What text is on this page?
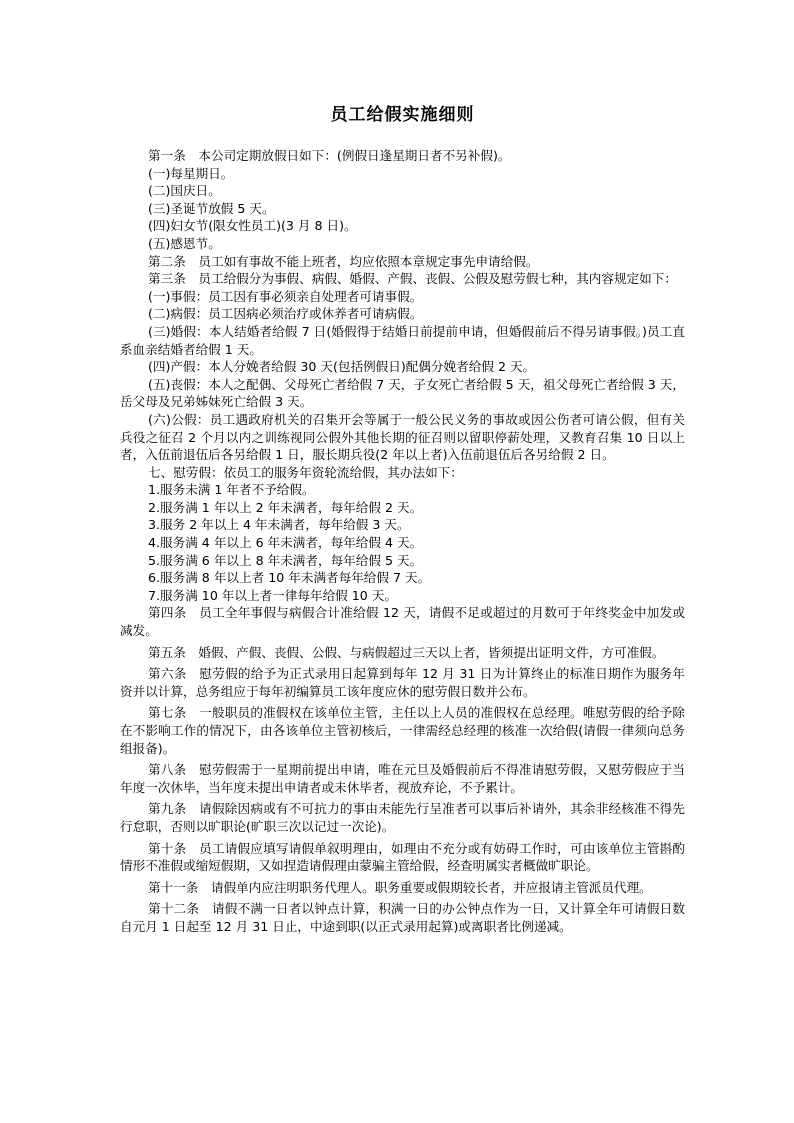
员工给假实施细则

第一条　本公司定期放假日如下：(例假日逢星期日者不另补假)。

(一)每星期日。

(二)国庆日。

(三)圣诞节放假 5 天。

(四)妇女节(限女性员工)(3 月 8 日)。

(五)感恩节。

第二条　员工如有事故不能上班者，均应依照本章规定事先申请给假。

第三条　员工给假分为事假、病假、婚假、产假、丧假、公假及慰劳假七种，其内容规定如下：

(一)事假：员工因有事必须亲自处理者可请事假。

(二)病假：员工因病必须治疗或休养者可请病假。

(三)婚假：本人结婚者给假 7 日(婚假得于结婚日前提前申请，但婚假前后不得另请事假。)员工直系血亲结婚者给假 1 天。

(四)产假：本人分娩者给假 30 天(包括例假日)配偶分娩者给假 2 天。

(五)丧假：本人之配偶、父母死亡者给假 7 天，子女死亡者给假 5 天，祖父母死亡者给假 3 天，岳父母及兄弟姊妹死亡给假 3 天。

(六)公假：员工遇政府机关的召集开会等属于一般公民义务的事故或因公伤者可请公假，但有关兵役之征召 2 个月以内之训练视同公假外其他长期的征召则以留职停薪处理，又教育召集 10 日以上者，入伍前退伍后各另给假 1 日，服长期兵役(2 年以上者)入伍前退伍后各另给假 2 日。

七、慰劳假：依员工的服务年资轮流给假，其办法如下：

1.服务未满 1 年者不予给假。

2.服务满 1 年以上 2 年未满者，每年给假 2 天。

3.服务 2 年以上 4 年未满者，每年给假 3 天。

4.服务满 4 年以上 6 年未满者，每年给假 4 天。

5.服务满 6 年以上 8 年未满者，每年给假 5 天。

6.服务满 8 年以上者 10 年未满者每年给假 7 天。

7.服务满 10 年以上者一律每年给假 10 天。

第四条　员工全年事假与病假合计准给假 12 天，请假不足或超过的月数可于年终奖金中加发或减发。

第五条　婚假、产假、丧假、公假、与病假超过三天以上者，皆须提出证明文件，方可准假。

第六条　慰劳假的给予为正式录用日起算到每年 12 月 31 日为计算终止的标准日期作为服务年资并以计算，总务组应于每年初编算员工该年度应休的慰劳假日数并公布。

第七条　一般职员的准假权在该单位主管，主任以上人员的准假权在总经理。唯慰劳假的给予除在不影响工作的情况下，由各该单位主管初核后，一律需经总经理的核准一次给假(请假一律须向总务组报备)。

第八条　慰劳假需于一星期前提出申请，唯在元旦及婚假前后不得准请慰劳假，又慰劳假应于当年度一次休毕，当年度未提出申请者或未休毕者，视放弃论，不予累计。

第九条　请假除因病或有不可抗力的事由未能先行呈准者可以事后补请外，其余非经核准不得先行怠职，否则以旷职论(旷职三次以记过一次论)。

第十条　员工请假应填写请假单叙明理由，如理由不充分或有妨碍工作时，可由该单位主管斟酌情形不准假或缩短假期，又如捏造请假理由蒙骗主管给假，经查明属实者概做旷职论。

第十一条　请假单内应注明职务代理人。职务重要或假期较长者，并应报请主管派员代理。

第十二条　请假不满一日者以钟点计算，积满一日的办公钟点作为一日，又计算全年可请假日数自元月 1 日起至 12 月 31 日止，中途到职(以正式录用起算)或离职者比例递减。
